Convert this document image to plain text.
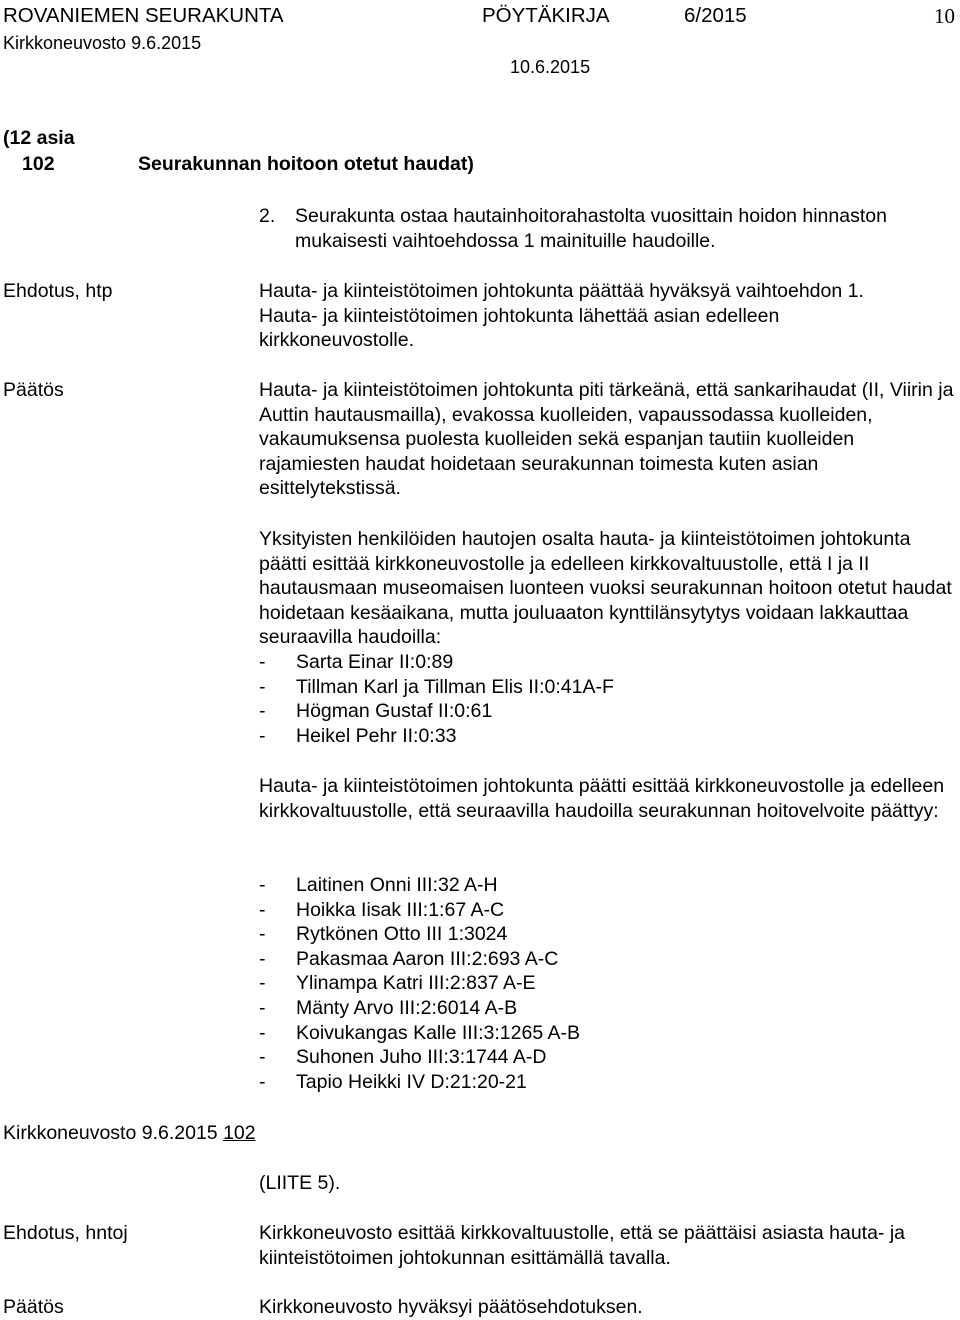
ROVANIEMEN SEURAKUNTA	PÖYTÄKIRJA	6/2015	10
Kirkkoneuvosto 9.6.2015
10.6.2015
(12 asia
102	Seurakunnan hoitoon otetut haudat)
2. Seurakunta ostaa hautainhoitorahastolta vuosittain hoidon hinnaston mukaisesti vaihtoehdossa 1 mainituille haudoille.
Ehdotus, htp	Hauta- ja kiinteistötoimen johtokunta päättää hyväksyä vaihtoehdon 1. Hauta- ja kiinteistötoimen johtokunta lähettää asian edelleen kirkkoneuvostolle.
Päätös	Hauta- ja kiinteistötoimen johtokunta piti tärkeänä, että sankarihaudat (II, Viirin ja Auttin hautausmailla), evakossa kuolleiden, vapaussodassa kuolleiden, vakaumuksensa puolesta kuolleiden sekä espanjan tautiin kuolleiden rajamiesten haudat hoidetaan seurakunnan toimesta kuten asian esittelytekstissä.
Yksityisten henkilöiden hautojen osalta hauta- ja kiinteistötoimen johtokunta päätti esittää kirkkoneuvostolle ja edelleen kirkkovaltuustolle, että I ja II hautausmaan museomaisen luonteen vuoksi seurakunnan hoitoon otetut haudat hoidetaan kesäaikana, mutta jouluaaton kynttilänsytytys voidaan lakkauttaa seuraavilla haudoilla:
- Sarta Einar II:0:89
- Tillman Karl ja Tillman Elis II:0:41A-F
- Högman Gustaf II:0:61
- Heikel Pehr II:0:33
Hauta- ja kiinteistötoimen johtokunta päätti esittää kirkkoneuvostolle ja edelleen kirkkovaltuustolle, että seuraavilla haudoilla seurakunnan hoitovelvoite päättyy:
- Laitinen Onni III:32 A-H
- Hoikka Iisak III:1:67 A-C
- Rytkönen Otto III 1:3024
- Pakasmaa Aaron III:2:693 A-C
- Ylinampa Katri III:2:837 A-E
- Mänty Arvo III:2:6014 A-B
- Koivukangas Kalle III:3:1265 A-B
- Suhonen Juho III:3:1744 A-D
- Tapio Heikki IV D:21:20-21
Kirkkoneuvosto 9.6.2015 102
(LIITE 5).
Ehdotus, hntoj	Kirkkoneuvosto esittää kirkkovaltuustolle, että se päättäisi asiasta hauta- ja kiinteistötoimen johtokunnan esittämällä tavalla.
Päätös	Kirkkoneuvosto hyväksyi päätösehdotuksen.
